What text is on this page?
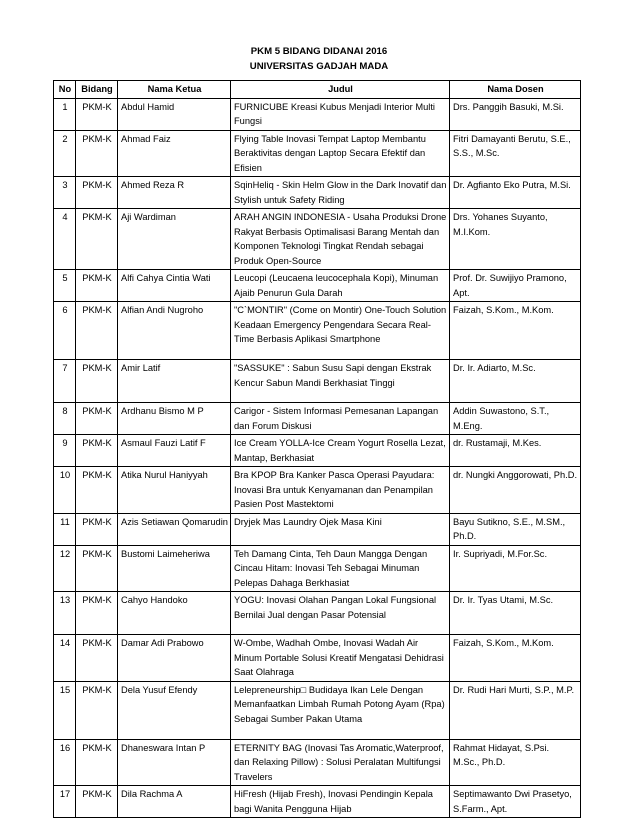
PKM 5 BIDANG DIDANAI 2016
UNIVERSITAS GADJAH MADA
No	Bidang	Nama Ketua	Judul	Nama Dosen
1	PKM-K	Abdul Hamid	FURNICUBE Kreasi Kubus Menjadi Interior Multi Fungsi	Drs. Panggih Basuki, M.Si.
2	PKM-K	Ahmad Faiz	Flying Table Inovasi Tempat Laptop Membantu Beraktivitas dengan Laptop Secara Efektif dan Efisien	Fitri Damayanti Berutu, S.E., S.S., M.Sc.
3	PKM-K	Ahmed Reza R	SqinHeliq - Skin Helm Glow in the Dark Inovatif dan Stylish untuk Safety Riding	Dr. Agfianto Eko Putra, M.Si.
4	PKM-K	Aji Wardiman	ARAH ANGIN INDONESIA - Usaha Produksi Drone Rakyat Berbasis Optimalisasi Barang Mentah dan Komponen Teknologi Tingkat Rendah sebagai Produk Open-Source	Drs. Yohanes Suyanto, M.I.Kom.
5	PKM-K	Alfi Cahya Cintia Wati	Leucopi (Leucaena leucocephala Kopi), Minuman Ajaib Penurun Gula Darah	Prof. Dr. Suwijiyo Pramono, Apt.
6	PKM-K	Alfian Andi Nugroho	"C`MONTIR" (Come on Montir) One-Touch Solution Keadaan Emergency Pengendara Secara Real-Time Berbasis Aplikasi Smartphone	Faizah, S.Kom., M.Kom.
7	PKM-K	Amir Latif	"SASSUKE" : Sabun Susu Sapi dengan Ekstrak Kencur Sabun Mandi Berkhasiat Tinggi	Dr. Ir. Adiarto, M.Sc.
8	PKM-K	Ardhanu Bismo M P	Carigor - Sistem Informasi Pemesanan Lapangan dan Forum Diskusi	Addin Suwastono, S.T., M.Eng.
9	PKM-K	Asmaul Fauzi Latif F	Ice Cream YOLLA-Ice Cream Yogurt Rosella Lezat, Mantap, Berkhasiat	dr. Rustamaji, M.Kes.
10	PKM-K	Atika Nurul Haniyyah	Bra KPOP Bra Kanker Pasca Operasi Payudara: Inovasi Bra untuk Kenyamanan dan Penampilan Pasien Post Mastektomi	dr. Nungki Anggorowati, Ph.D.
11	PKM-K	Azis Setiawan Qomarudin	Dryjek Mas Laundry Ojek Masa Kini	Bayu Sutikno, S.E., M.SM., Ph.D.
12	PKM-K	Bustomi Laimeheriwa	Teh Damang Cinta, Teh Daun Mangga Dengan Cincau Hitam: Inovasi Teh Sebagai Minuman Pelepas Dahaga Berkhasiat	Ir. Supriyadi, M.For.Sc.
13	PKM-K	Cahyo Handoko	YOGU: Inovasi Olahan Pangan Lokal Fungsional Bernilai Jual dengan Pasar Potensial	Dr. Ir. Tyas Utami, M.Sc.
14	PKM-K	Damar Adi Prabowo	W-Ombe, Wadhah Ombe, Inovasi Wadah Air Minum Portable Solusi Kreatif Mengatasi Dehidrasi Saat Olahraga	Faizah, S.Kom., M.Kom.
15	PKM-K	Dela Yusuf Efendy	Lelepreneurship□ Budidaya Ikan Lele Dengan Memanfaatkan Limbah Rumah Potong Ayam (Rpa) Sebagai Sumber Pakan Utama	Dr. Rudi Hari Murti, S.P., M.P.
16	PKM-K	Dhaneswara Intan P	ETERNITY BAG (Inovasi Tas Aromatic,Waterproof, dan Relaxing Pillow) : Solusi Peralatan Multifungsi Travelers	Rahmat Hidayat, S.Psi. M.Sc., Ph.D.
17	PKM-K	Dila Rachma A	HiFresh (Hijab Fresh), Inovasi Pendingin Kepala bagi Wanita Pengguna Hijab	Septimawanto Dwi Prasetyo, S.Farm., Apt.
